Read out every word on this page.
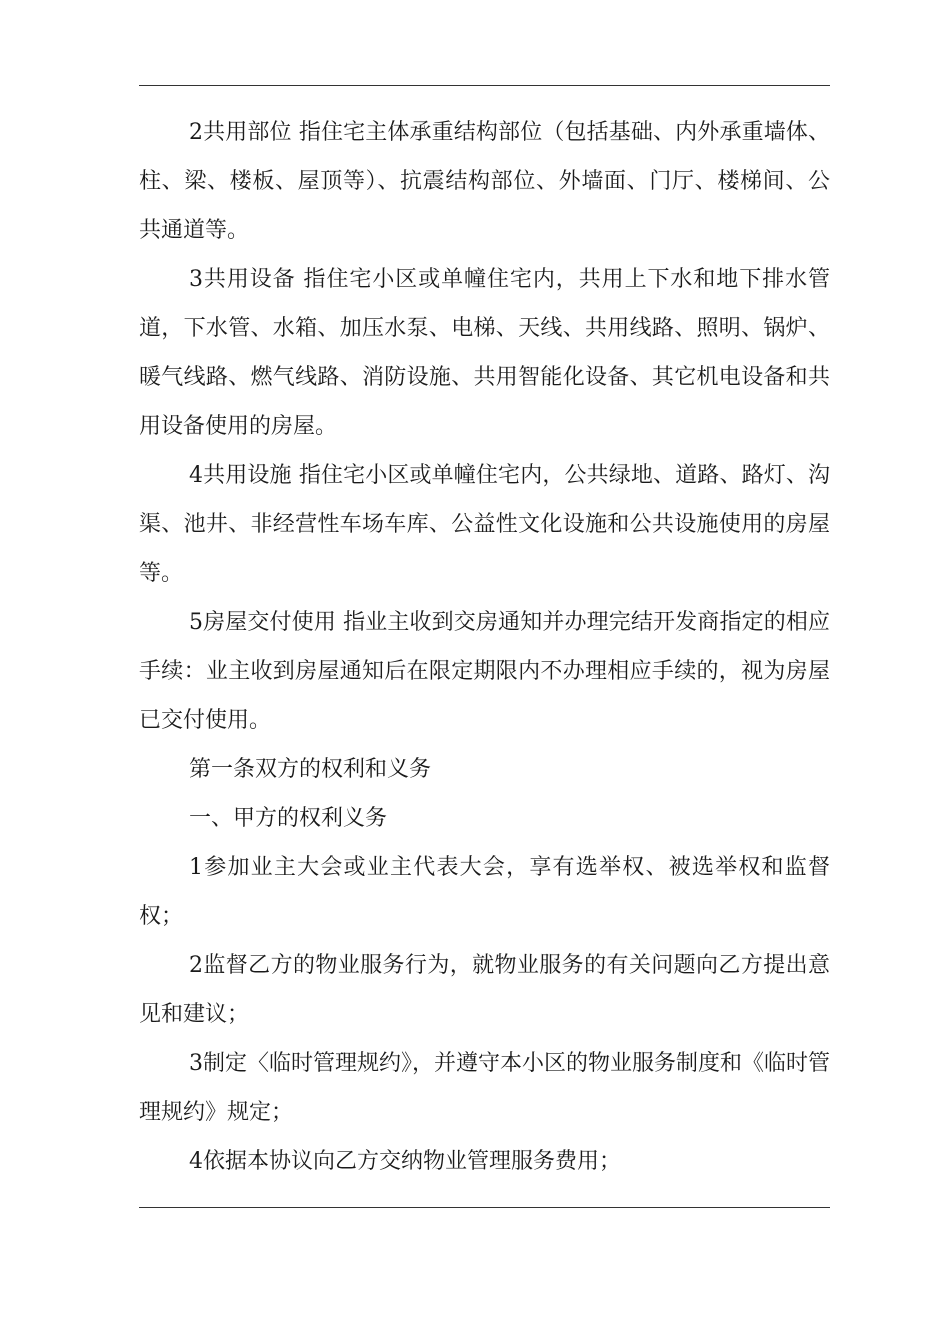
2共用部位 指住宅主体承重结构部位（包括基础、内外承重墙体、柱、梁、楼板、屋顶等）、抗震结构部位、外墙面、门厅、楼梯间、公共通道等。

3共用设备 指住宅小区或单幢住宅内，共用上下水和地下排水管道，下水管、水箱、加压水泵、电梯、天线、共用线路、照明、锅炉、暖气线路、燃气线路、消防设施、共用智能化设备、其它机电设备和共用设备使用的房屋。

4共用设施 指住宅小区或单幢住宅内，公共绿地、道路、路灯、沟渠、池井、非经营性车场车库、公益性文化设施和公共设施使用的房屋等。

5房屋交付使用 指业主收到交房通知并办理完结开发商指定的相应手续：业主收到房屋通知后在限定期限内不办理相应手续的，视为房屋已交付使用。

第一条双方的权利和义务

一、甲方的权利义务

1参加业主大会或业主代表大会，享有选举权、被选举权和监督权；

2监督乙方的物业服务行为，就物业服务的有关问题向乙方提出意见和建议；

3制定〈临时管理规约》，并遵守本小区的物业服务制度和《临时管理规约》规定；

4依据本协议向乙方交纳物业管理服务费用；
